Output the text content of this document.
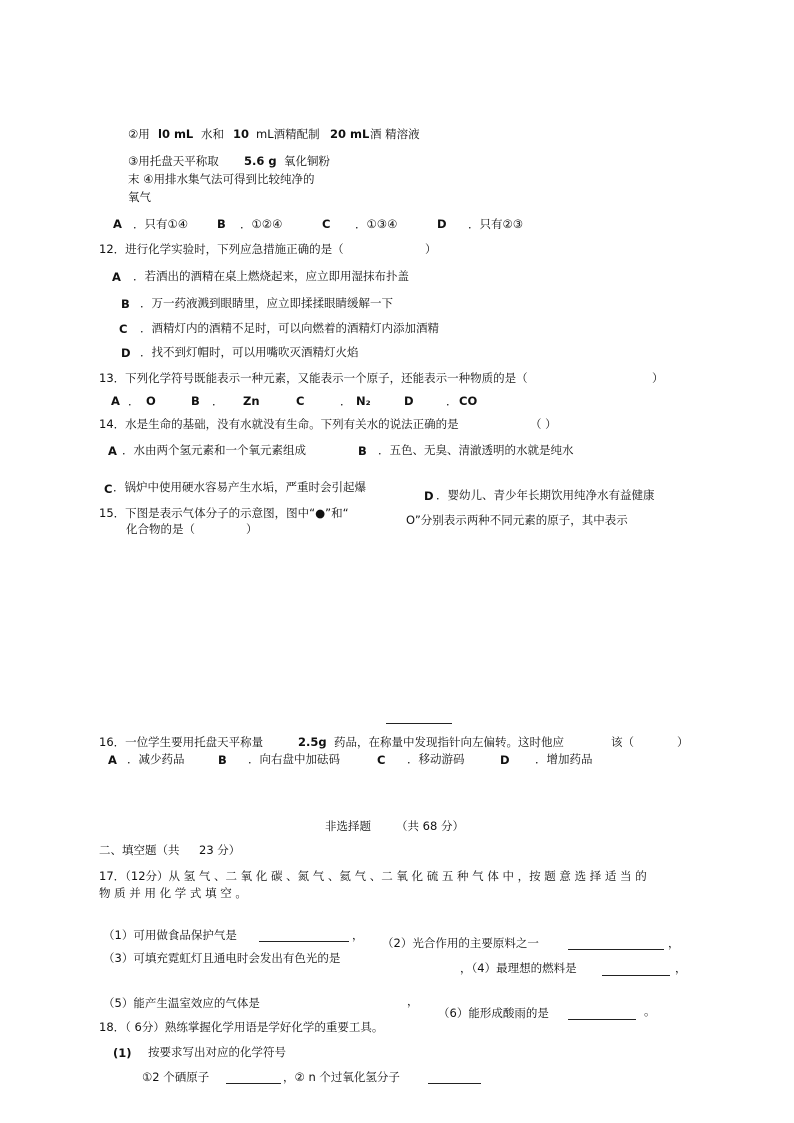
②用 l0 mL 水和 10 mL酒精配制 20 mL 酒 精溶液
③用托盘天平称取 5.6 g 氧化铜粉
末 ④用排水集气法可得到比较纯净的
氧气
A ．只有①④	B ．①②④	C ．①③④	D ．只有②③
12．进行化学实验时，下列应急措施正确的是（	）
A ．若洒出的酒精在桌上燃烧起来，应立即用湿抹布扑盖
B ．万一药液溅到眼睛里，应立即揉揉眼睛缓解一下
C ．酒精灯内的酒精不足时，可以向燃着的酒精灯内添加酒精
D ．找不到灯帽时，可以用嘴吹灭酒精灯火焰
13．下列化学符号既能表示一种元素，又能表示一个原子，还能表示一种物质的是（	）
A ． O	B ． Zn	C	． N₂	D	． CO
14．水是生命的基础，没有水就没有生命。下列有关水的说法正确的是	（ ）
A ．水由两个氢元素和一个氧元素组成	B ．五色、无臭、清澈透明的水就是纯水
C ．锅炉中使用硬水容易产生水垢，严重时会引起爆
D ．婴幼儿、青少年长期饮用纯净水有益健康
15．下图是表示气体分子的示意图，图中“●”和“	O”分别表示两种不同元素的原子，其中表示
化合物的是（	）
16．一位学生要用托盘天平称量	2.5g 药品，在称量中发现指针向左偏转。这时他应	该（	）
A ．减少药品	B ．向右盘中加砝码	C ．移动游码	D ．增加药品
非选择题 （共 68 分）
二、填空题（共 23 分）
17．（12分）从 氢 气 、二 氧 化 碳 、氮 气 、氦 气 、二 氧 化 硫 五 种 气 体 中 ，按 题 意 选 择 适 当 的
物 质 并 用 化 学 式 填 空 。
（1）可用做食品保护气是	，
（2）光合作用的主要原料之一	，
（3）可填充霓虹灯且通电时会发出有色光的是
，（4）最理想的燃料是	，
（5）能产生温室效应的气体是	，
（6）能形成酸雨的是	。
18．（ 6分）熟练掌握化学用语是学好化学的重要工具。
(1) 按要求写出对应的化学符号
①2 个硒原子	，② n 个过氧化氢分子
